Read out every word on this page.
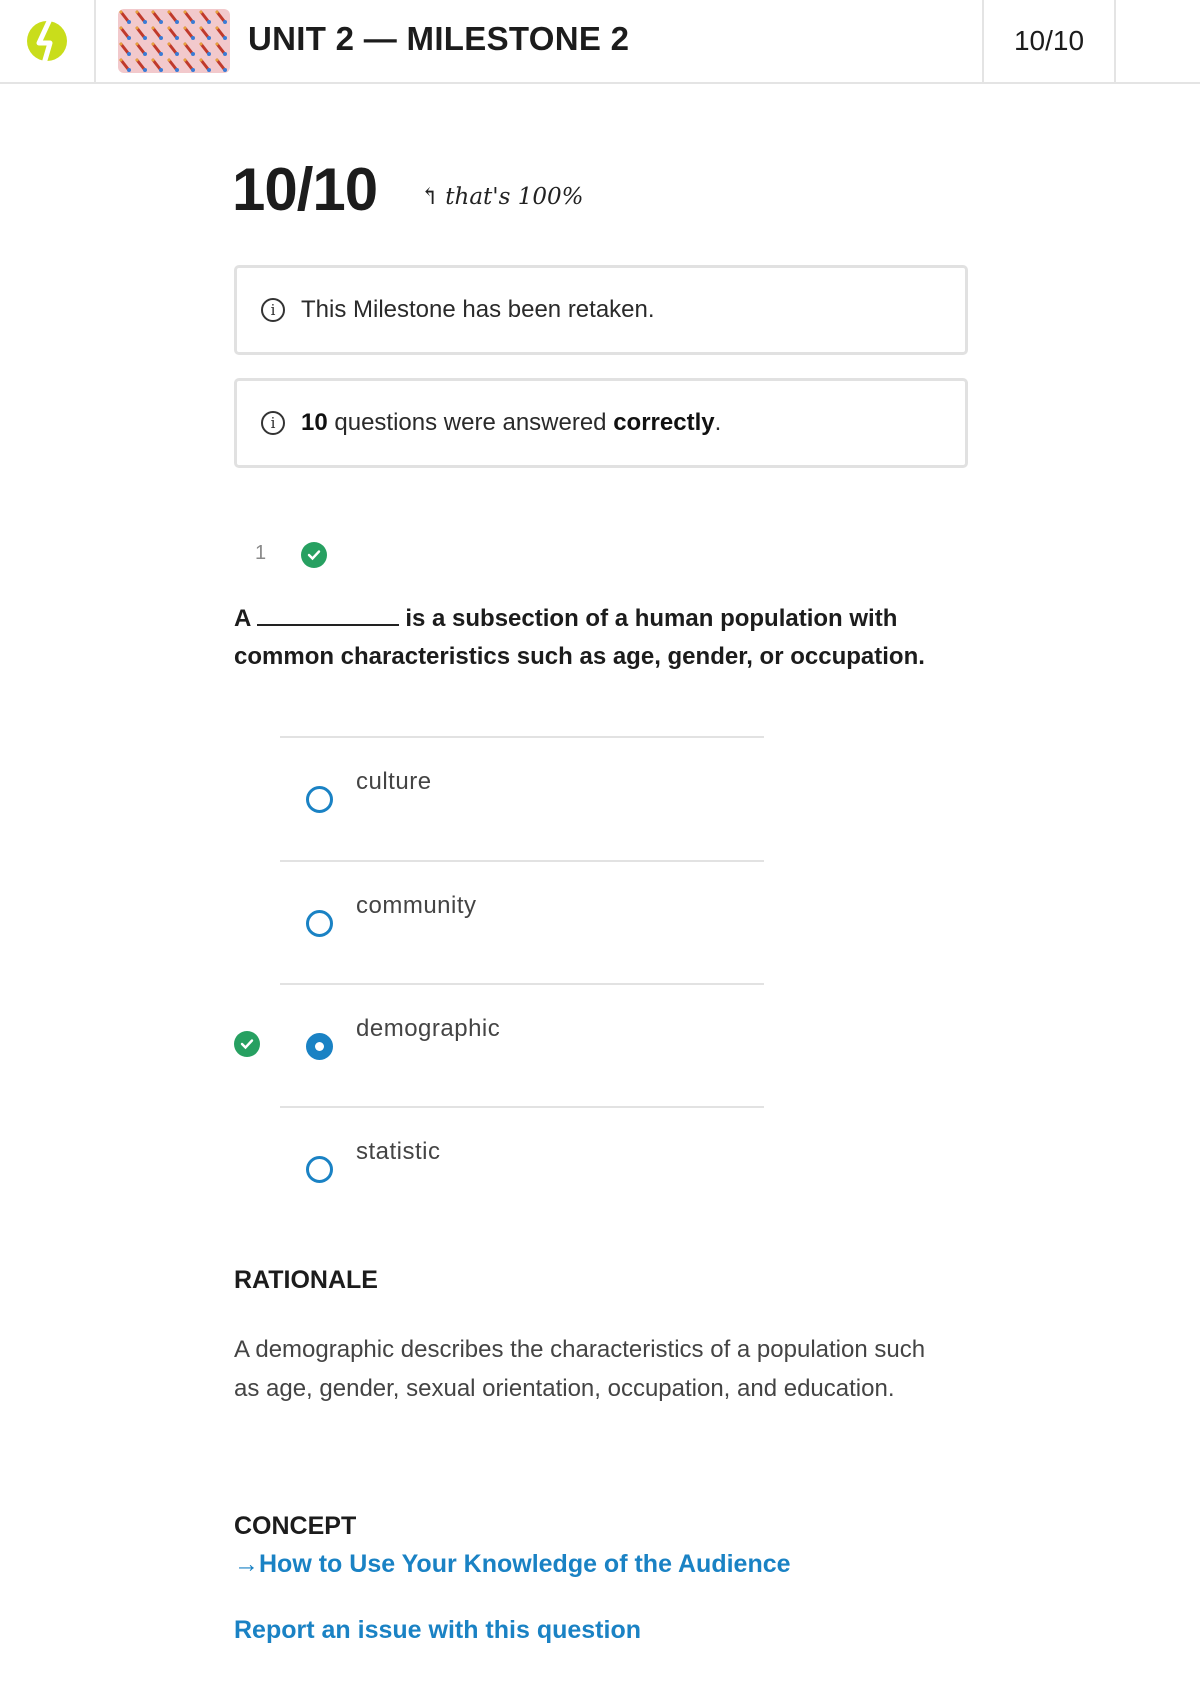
UNIT 2 — MILESTONE 2	10/10
10/10 ↰ that's 100%
i	This Milestone has been retaken.
i	10 questions were answered correctly.
1
A	is a subsection of a human population with common characteristics such as age, gender, or occupation.
culture
community
demographic
statistic
RATIONALE
A demographic describes the characteristics of a population such as age, gender, sexual orientation, occupation, and education.
CONCEPT
→How to Use Your Knowledge of the Audience
Report an issue with this question
